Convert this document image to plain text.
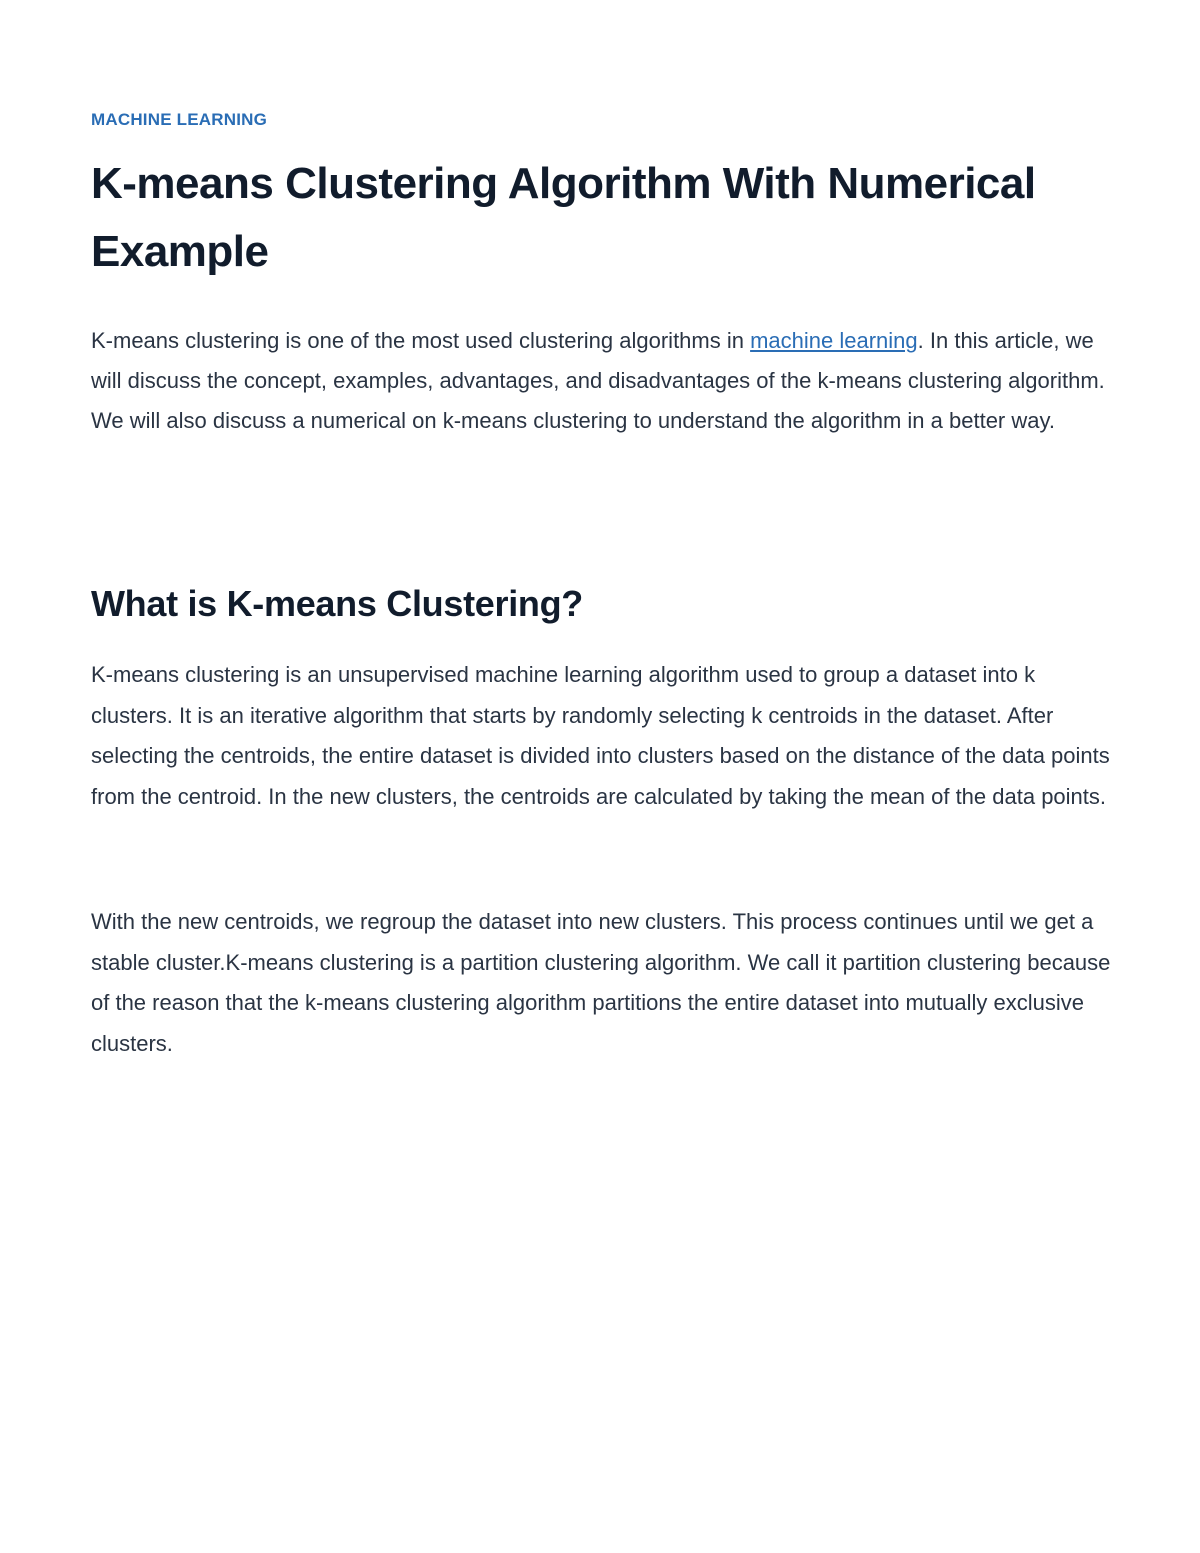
MACHINE LEARNING
K-means Clustering Algorithm With Numerical Example

K-means clustering is one of the most used clustering algorithms in machine learning. In this article, we will discuss the concept, examples, advantages, and disadvantages of the k-means clustering algorithm. We will also discuss a numerical on k-means clustering to understand the algorithm in a better way.

What is K-means Clustering?

K-means clustering is an unsupervised machine learning algorithm used to group a dataset into k clusters. It is an iterative algorithm that starts by randomly selecting k centroids in the dataset. After selecting the centroids, the entire dataset is divided into clusters based on the distance of the data points from the centroid. In the new clusters, the centroids are calculated by taking the mean of the data points.

With the new centroids, we regroup the dataset into new clusters. This process continues until we get a stable cluster.K-means clustering is a partition clustering algorithm. We call it partition clustering because of the reason that the k-means clustering algorithm partitions the entire dataset into mutually exclusive clusters.
